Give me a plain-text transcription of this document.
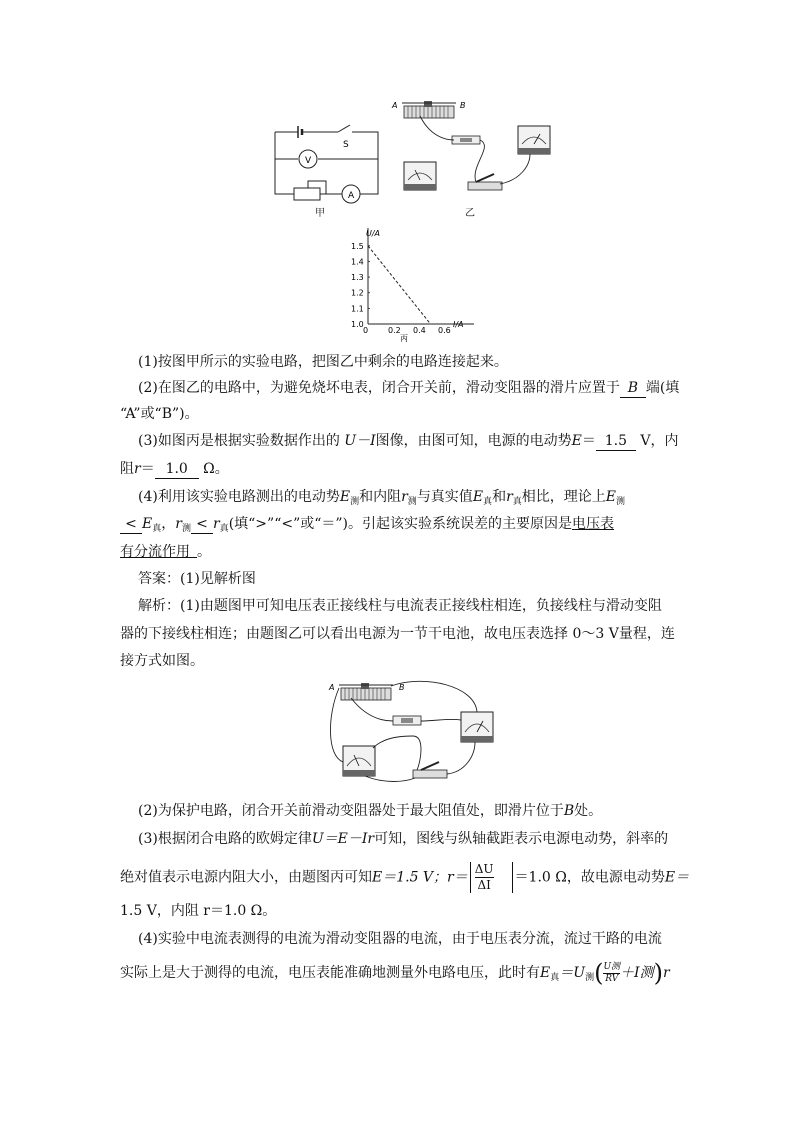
S
V
A
甲
A	B
乙
0 0.2 0.4 0.6
1.0
1.1
1.2
1.3
1.4
1.5
U/A
I/A
丙
(1)按图甲所示的实验电路，把图乙中剩余的电路连接起来。
(2)在图乙的电路中，为避免烧坏电表，闭合开关前，滑动变阻器的滑片应置于 B 端(填
“A”或“B”)。
(3)如图丙是根据实验数据作出的 U－I图像，由图可知，电源的电动势E＝ 1.5 V，内
阻r＝ 1.0 Ω。
(4)利用该实验电路测出的电动势$E_测$和内阻$r_测$与真实值$E_真$和$r_真$相比，理论上$E_测$
< $E_真$，$r_测 < r_真$(填“>”“<”或“＝”)。引起该实验系统误差的主要原因是电压表
有分流作用  。
答案：(1)见解析图
解析：(1)由题图甲可知电压表正接线柱与电流表正接线柱相连，负接线柱与滑动变阻
器的下接线柱相连；由题图乙可以看出电源为一节干电池，故电压表选择 0～3 V量程，连
接方式如图。
A	B
(2)为保护电路，闭合开关前滑动变阻器处于最大阻值处，即滑片位于B处。
(3)根据闭合电路的欧姆定律U＝E－Ir可知，图线与纵轴截距表示电源电动势，斜率的
绝对值表示电源内阻大小，由题图丙可知E＝1.5 V；$r= \frac{\Delta U}{\Delta I} =1.0$ Ω，故电源电动势E＝
1.5 V，内阻 r＝1.0 Ω。
(4)实验中电流表测得的电流为滑动变阻器的电流，由于电压表分流，流过干路的电流
实际上是大于测得的电流，电压表能准确地测量外电路电压，此时有$E_真=U_测$( U测
RV ＋I测)r
